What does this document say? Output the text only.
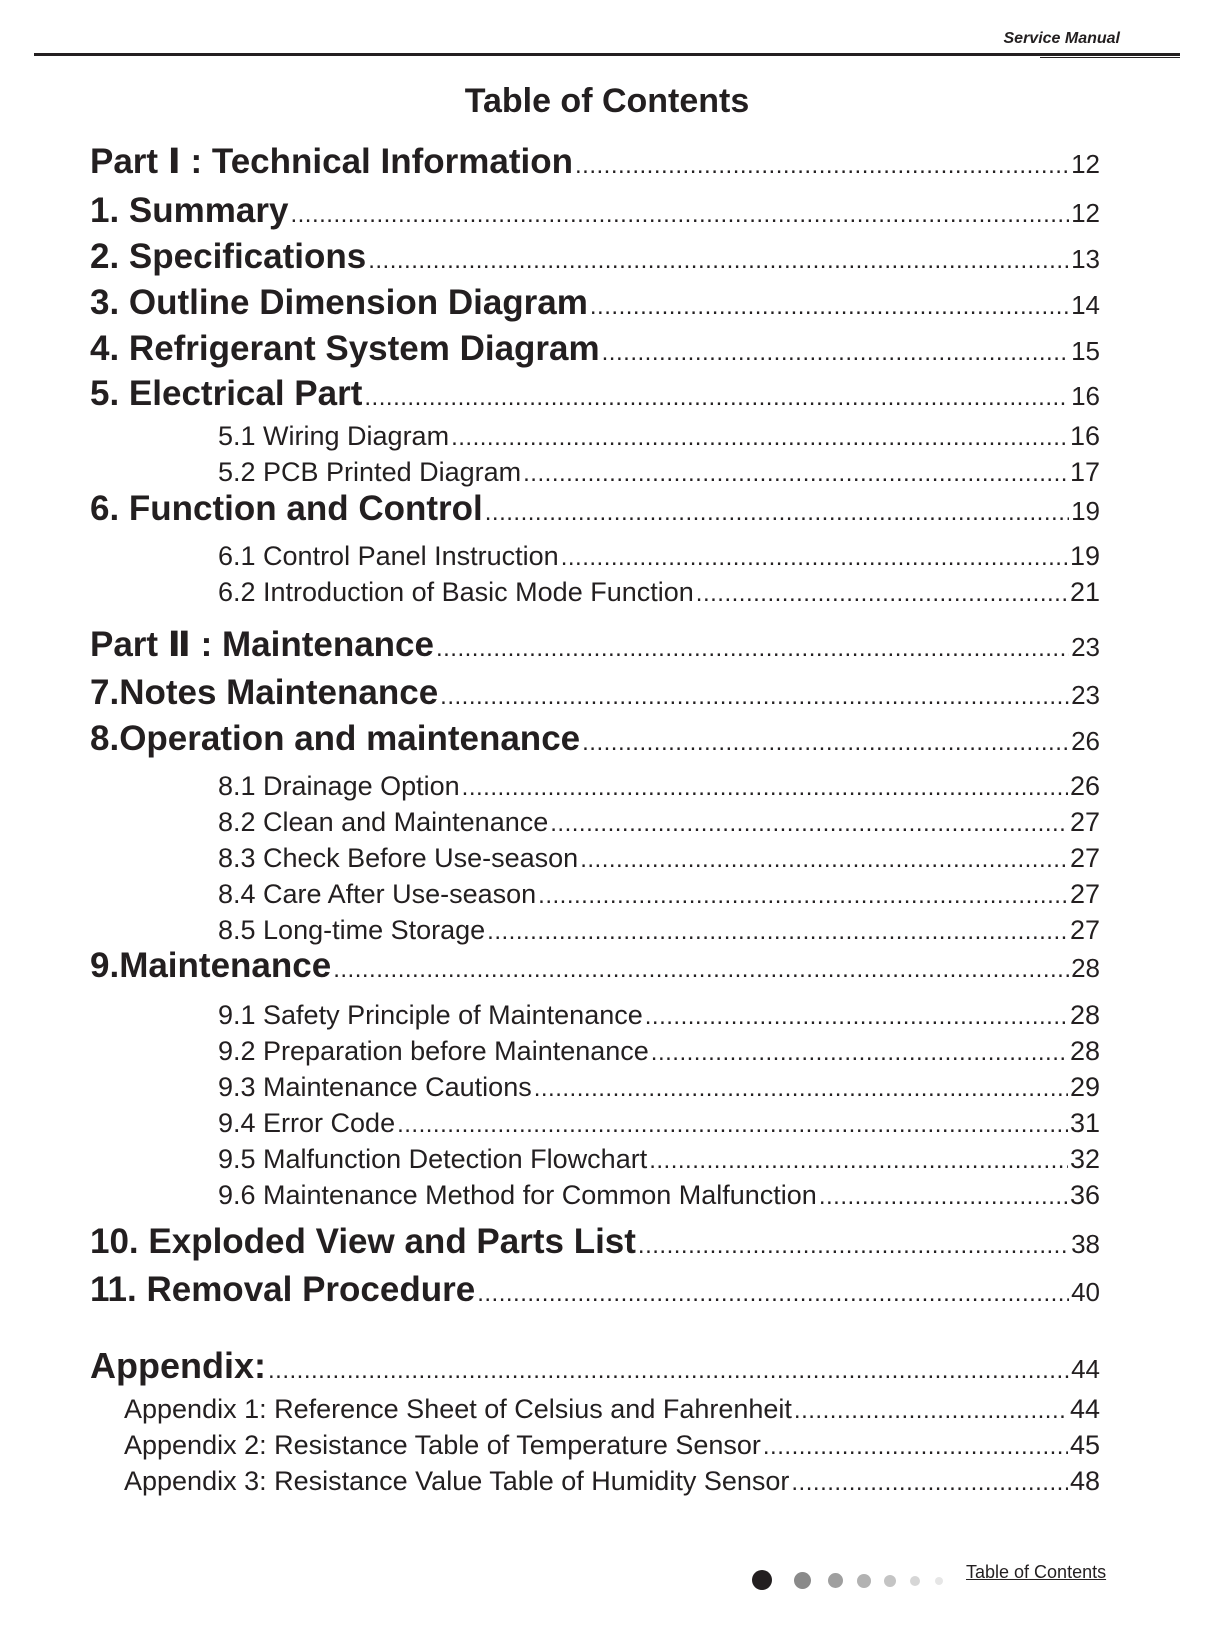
Service Manual
Table of Contents
Part Ⅰ : Technical Information .....	12
1. Summary .....	12
2. Specifications .....	13
3. Outline Dimension Diagram .....	14
4. Refrigerant System Diagram .....	15
5. Electrical Part .....	16
5.1 Wiring Diagram .....	16
5.2 PCB Printed Diagram .....	17
6. Function and Control .....	19
6.1 Control Panel Instruction .....	19
6.2 Introduction of Basic Mode Function .....	21
Part Ⅱ : Maintenance .....	23
7.Notes Maintenance .....	23
8.Operation and maintenance .....	26
8.1 Drainage Option .....	26
8.2 Clean and Maintenance .....	27
8.3 Check Before Use-season .....	27
8.4 Care After Use-season .....	27
8.5 Long-time Storage .....	27
9.Maintenance .....	28
9.1 Safety Principle of Maintenance .....	28
9.2 Preparation before Maintenance .....	28
9.3 Maintenance Cautions .....	29
9.4 Error Code .....	31
9.5 Malfunction Detection Flowchart .....	32
9.6 Maintenance Method for Common Malfunction .....	36
10. Exploded View and Parts List .....	38
11. Removal Procedure .....	40
Appendix: .....	44
Appendix 1: Reference Sheet of Celsius and Fahrenheit .....	44
Appendix 2: Resistance Table of Temperature Sensor .....	45
Appendix 3: Resistance Value Table of Humidity Sensor .....	48
Table of Contents
